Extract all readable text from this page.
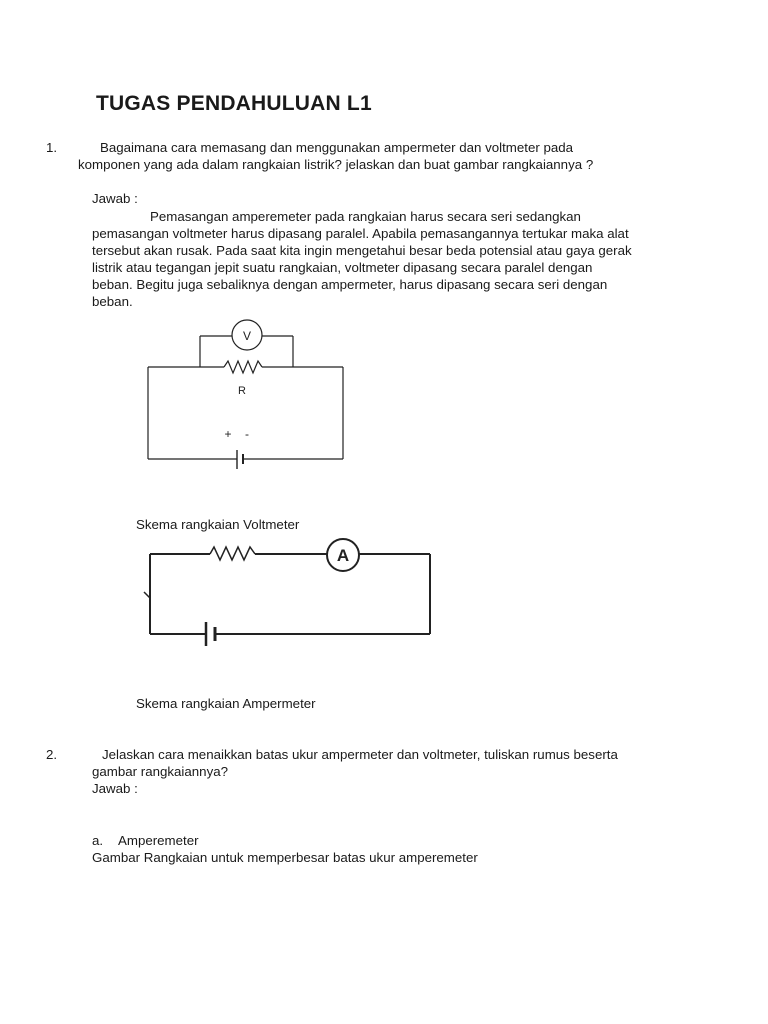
TUGAS PENDAHULUAN L1
1.	Bagaimana cara memasang dan menggunakan ampermeter dan voltmeter pada
komponen yang ada dalam rangkaian listrik? jelaskan dan buat gambar rangkaiannya ?
Jawab :
Pemasangan amperemeter pada rangkaian harus secara seri sedangkan
pemasangan voltmeter harus dipasang paralel. Apabila pemasangannya tertukar maka alat
tersebut akan rusak. Pada saat kita ingin mengetahui besar beda potensial atau gaya gerak
listrik atau tegangan jepit suatu rangkaian, voltmeter dipasang secara paralel dengan
beban. Begitu juga sebaliknya dengan ampermeter, harus dipasang secara seri dengan
beban.
V
R
+ -
Skema rangkaian Voltmeter
A
Skema rangkaian Ampermeter
2.	Jelaskan cara menaikkan batas ukur ampermeter dan voltmeter, tuliskan rumus beserta
gambar rangkaiannya?
Jawab :
a. Amperemeter
Gambar Rangkaian untuk memperbesar batas ukur amperemeter
